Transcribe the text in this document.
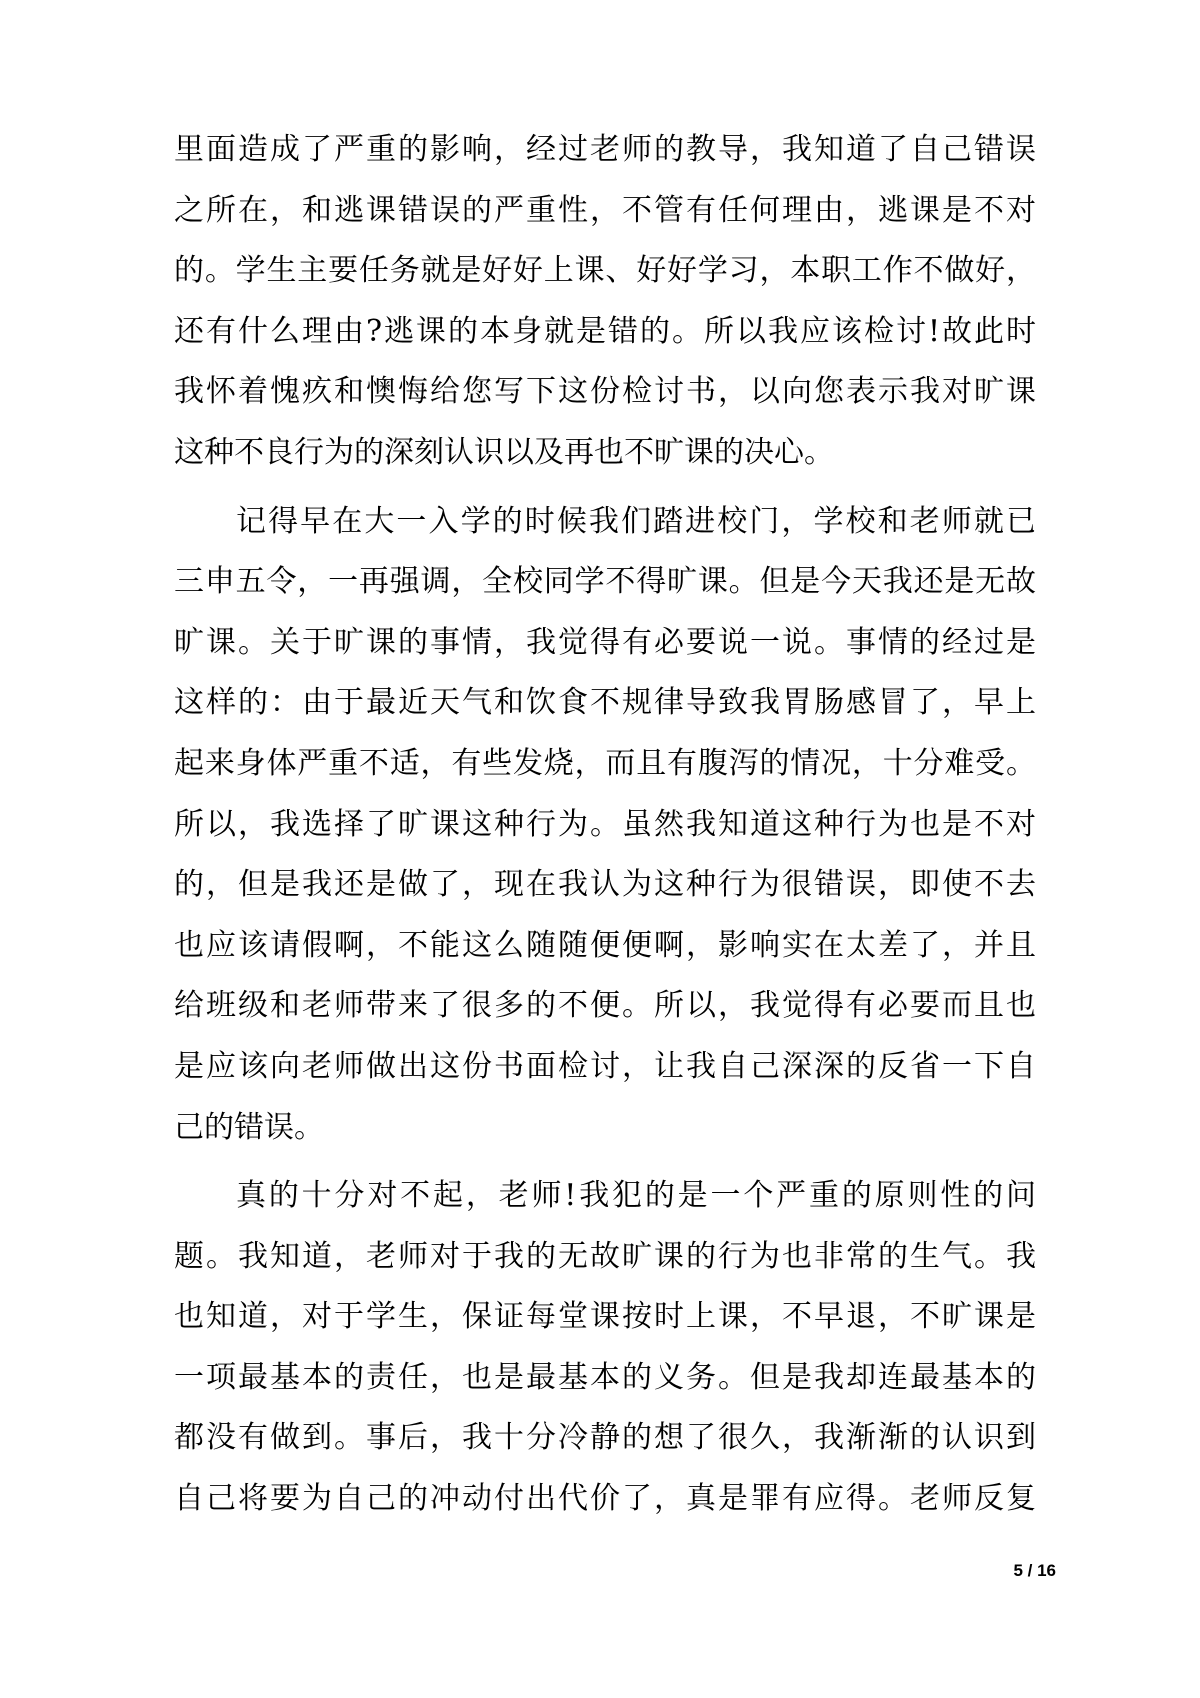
里面造成了严重的影响，经过老师的教导，我知道了自己错误
之所在，和逃课错误的严重性，不管有任何理由，逃课是不对
的。学生主要任务就是好好上课、好好学习，本职工作不做好，
还有什么理由?逃课的本身就是错的。所以我应该检讨!故此时
我怀着愧疚和懊悔给您写下这份检讨书，以向您表示我对旷课
这种不良行为的深刻认识以及再也不旷课的决心。
记得早在大一入学的时候我们踏进校门，学校和老师就已
三申五令，一再强调，全校同学不得旷课。但是今天我还是无故
旷课。关于旷课的事情，我觉得有必要说一说。事情的经过是
这样的：由于最近天气和饮食不规律导致我胃肠感冒了，早上
起来身体严重不适，有些发烧，而且有腹泻的情况，十分难受。
所以，我选择了旷课这种行为。虽然我知道这种行为也是不对
的，但是我还是做了，现在我认为这种行为很错误，即使不去
也应该请假啊，不能这么随随便便啊，影响实在太差了，并且
给班级和老师带来了很多的不便。所以，我觉得有必要而且也
是应该向老师做出这份书面检讨，让我自己深深的反省一下自
己的错误。
真的十分对不起，老师!我犯的是一个严重的原则性的问
题。我知道，老师对于我的无故旷课的行为也非常的生气。我
也知道，对于学生，保证每堂课按时上课，不早退，不旷课是
一项最基本的责任，也是最基本的义务。但是我却连最基本的
都没有做到。事后，我十分冷静的想了很久，我渐渐的认识到
自己将要为自己的冲动付出代价了，真是罪有应得。老师反复
5 / 16
